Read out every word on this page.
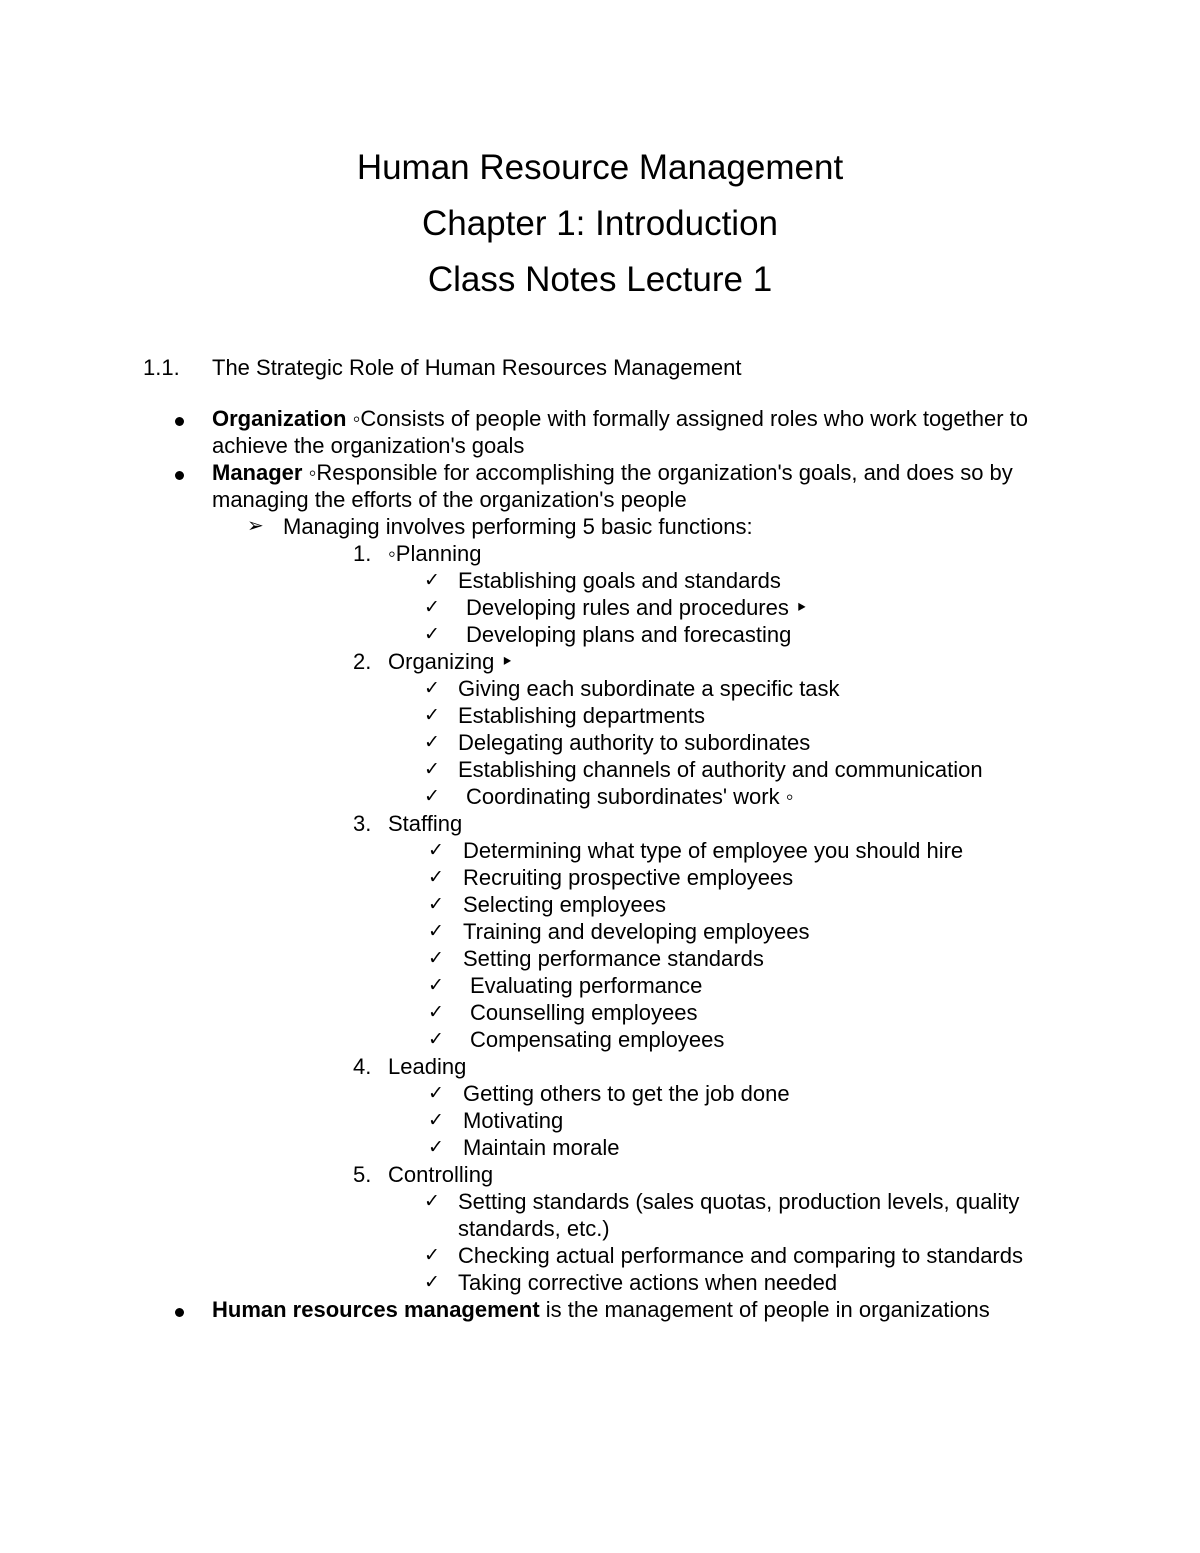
Human Resource Management
Chapter 1: Introduction
Class Notes Lecture 1
1.1. The Strategic Role of Human Resources Management
Organization ◦Consists of people with formally assigned roles who work together to achieve the organization's goals
Manager ◦Responsible for accomplishing the organization's goals, and does so by managing the efforts of the organization's people
➢ Managing involves performing 5 basic functions:
1. ◦Planning
✓ Establishing goals and standards
✓ Developing rules and procedures ‣
✓ Developing plans and forecasting
2. Organizing ‣
✓ Giving each subordinate a specific task
✓ Establishing departments
✓ Delegating authority to subordinates
✓ Establishing channels of authority and communication
✓ Coordinating subordinates' work ◦
3. Staffing
✓ Determining what type of employee you should hire
✓ Recruiting prospective employees
✓ Selecting employees
✓ Training and developing employees
✓ Setting performance standards
✓ Evaluating performance
✓ Counselling employees
✓ Compensating employees
4. Leading
✓ Getting others to get the job done
✓ Motivating
✓ Maintain morale
5. Controlling
✓ Setting standards (sales quotas, production levels, quality standards, etc.)
✓ Checking actual performance and comparing to standards
✓ Taking corrective actions when needed
Human resources management is the management of people in organizations
